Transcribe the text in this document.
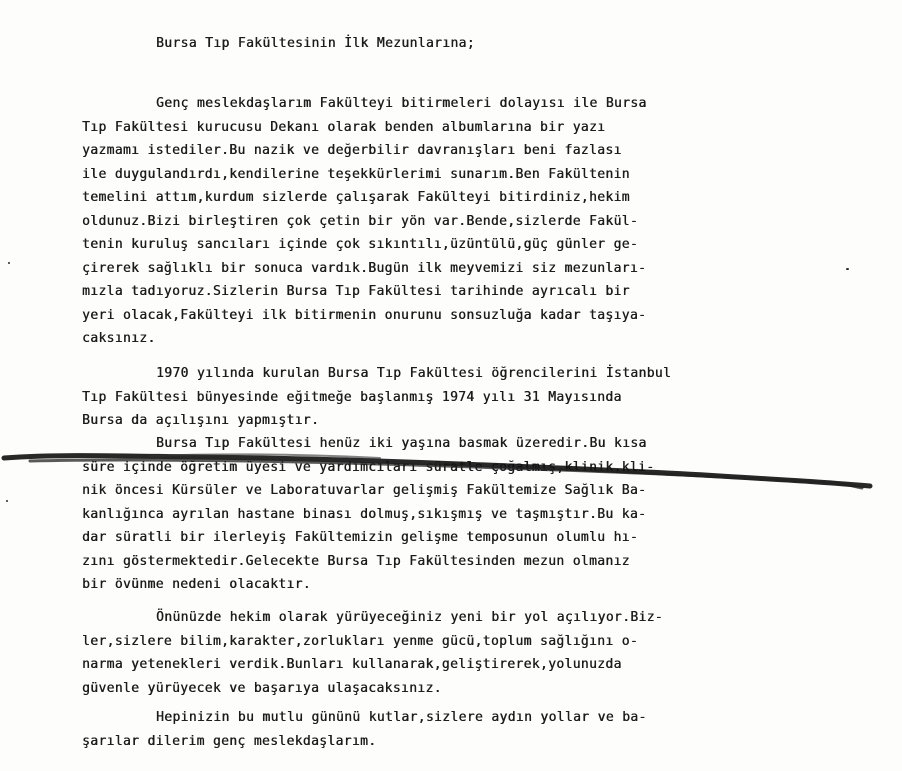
Bursa Tıp Fakültesinin İlk Mezunlarına;
Genç meslekdaşlarım Fakülteyi bitirmeleri dolayısı ile Bursa
Tıp Fakültesi kurucusu Dekanı olarak benden albumlarına bir yazı
yazmamı istediler.Bu nazik ve değerbilir davranışları beni fazlası
ile duygulandırdı,kendilerine teşekkürlerimi sunarım.Ben Fakültenin
temelini attım,kurdum sizlerde çalışarak Fakülteyi bitirdiniz,hekim
oldunuz.Bizi birleştiren çok çetin bir yön var.Bende,sizlerde Fakül-
tenin kuruluş sancıları içinde çok sıkıntılı,üzüntülü,güç günler ge-
çirerek sağlıklı bir sonuca vardık.Bugün ilk meyvemizi siz mezunları-
mızla tadıyoruz.Sizlerin Bursa Tıp Fakültesi tarihinde ayrıcalı bir
yeri olacak,Fakülteyi ilk bitirmenin onurunu sonsuzluğa kadar taşıya-
caksınız.
1970 yılında kurulan Bursa Tıp Fakültesi öğrencilerini İstanbul
Tıp Fakültesi bünyesinde eğitmeğe başlanmış 1974 yılı 31 Mayısında
Bursa da açılışını yapmıştır.
Bursa Tıp Fakültesi henüz iki yaşına basmak üzeredir.Bu kısa
süre içinde öğretim üyesi ve yardımcıları süratle çoğalmış,klinik,kli-
nik öncesi Kürsüler ve Laboratuvarlar gelişmiş Fakültemize Sağlık Ba-
kanlığınca ayrılan hastane binası dolmuş,sıkışmış ve taşmıştır.Bu ka-
dar süratli bir ilerleyiş Fakültemizin gelişme temposunun olumlu hı-
zını göstermektedir.Gelecekte Bursa Tıp Fakültesinden mezun olmanız
bir övünme nedeni olacaktır.
Önünüzde hekim olarak yürüyeceğiniz yeni bir yol açılıyor.Biz-
ler,sizlere bilim,karakter,zorlukları yenme gücü,toplum sağlığını o-
narma yetenekleri verdik.Bunları kullanarak,geliştirerek,yolunuzda
güvenle yürüyecek ve başarıya ulaşacaksınız.
Hepinizin bu mutlu gününü kutlar,sizlere aydın yollar ve ba-
şarılar dilerim genç meslekdaşlarım.
